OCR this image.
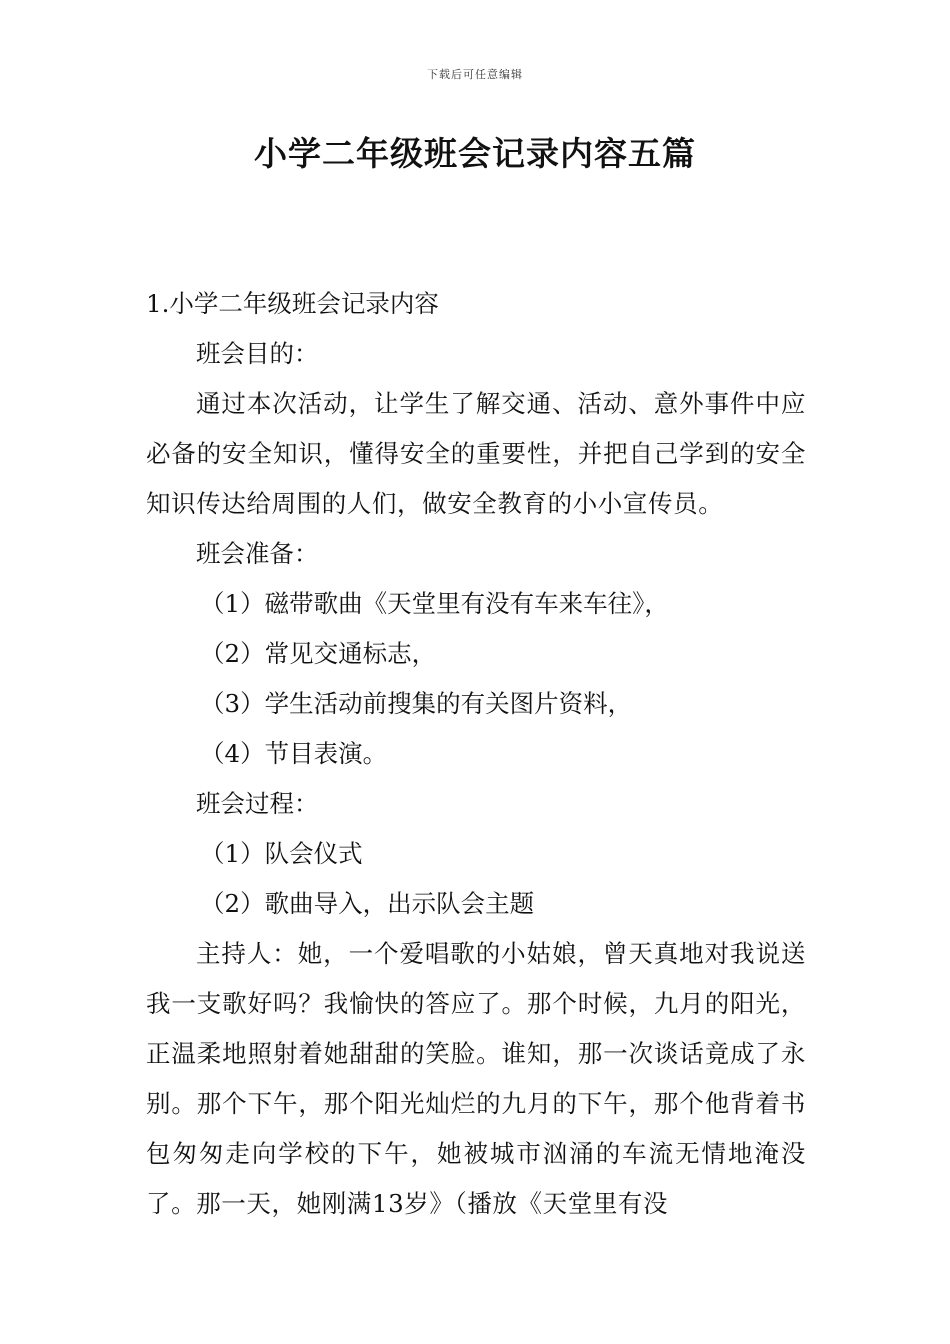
下载后可任意编辑
小学二年级班会记录内容五篇

1.小学二年级班会记录内容

班会目的：

通过本次活动，让学生了解交通、活动、意外事件中应必备的安全知识，懂得安全的重要性，并把自己学到的安全知识传达给周围的人们，做安全教育的小小宣传员。

班会准备：

（1）磁带歌曲《天堂里有没有车来车往》，

（2）常见交通标志，

（3）学生活动前搜集的有关图片资料，

（4）节目表演。

班会过程：

（1）队会仪式

（2）歌曲导入，出示队会主题

主持人：她，一个爱唱歌的小姑娘，曾天真地对我说送我一支歌好吗？我愉快的答应了。那个时候，九月的阳光，正温柔地照射着她甜甜的笑脸。谁知，那一次谈话竟成了永别。那个下午，那个阳光灿烂的九月的下午，那个他背着书包匆匆走向学校的下午，她被城市汹涌的车流无情地淹没了。那一天，她刚满13岁》（播放《天堂里有没
